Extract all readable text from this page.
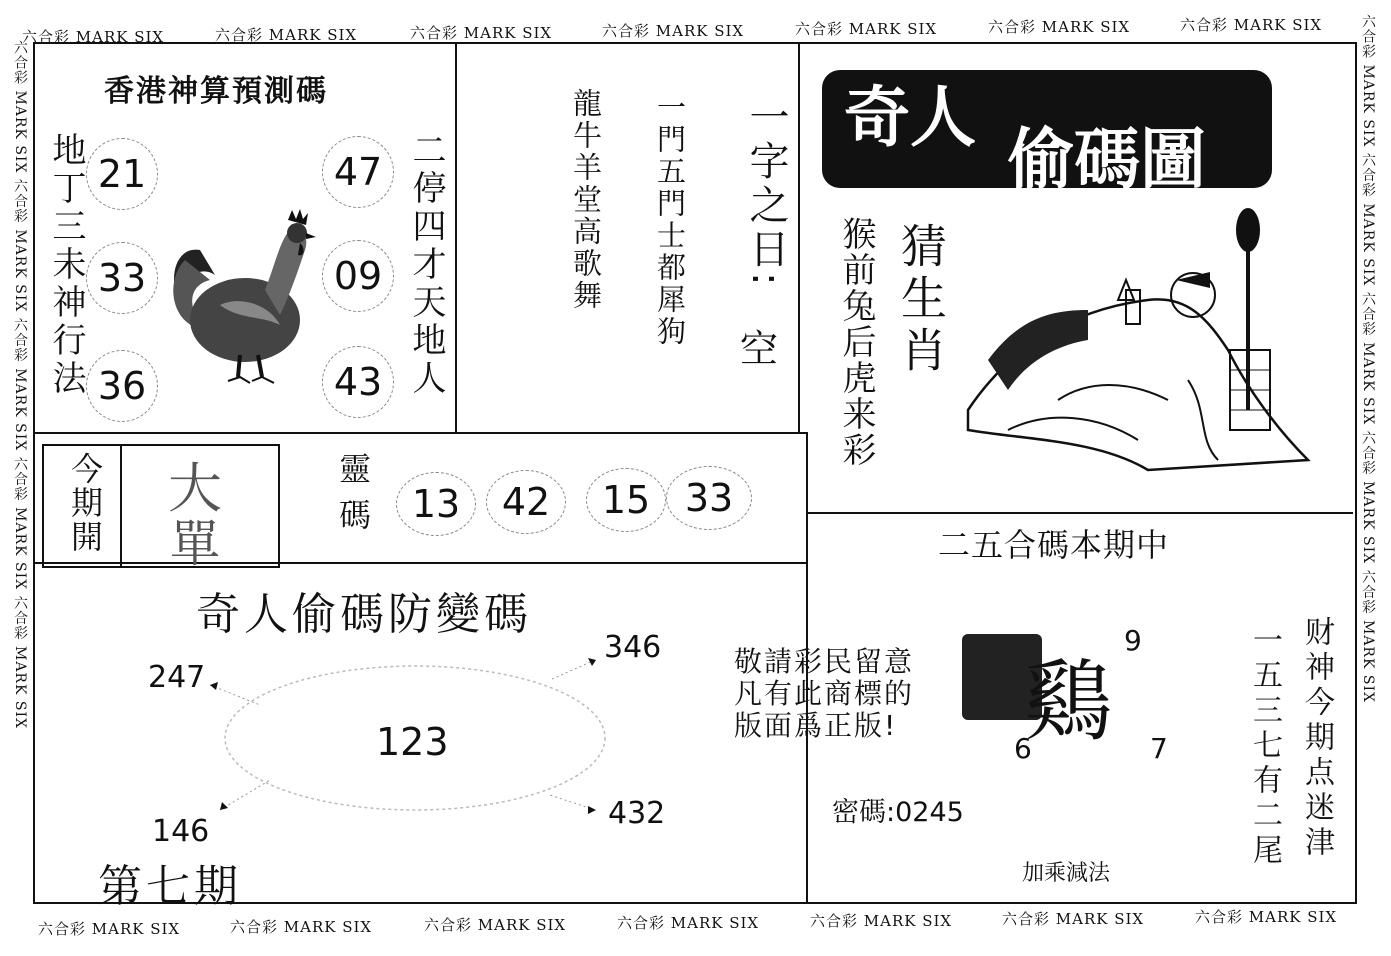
六合彩 MARK SIX	六合彩 MARK SIX	六合彩 MARK SIX	六合彩 MARK SIX	六合彩 MARK SIX	六合彩 MARK SIX	六合彩 MARK SIX
六合彩 MARK SIX	六合彩 MARK SIX	六合彩 MARK SIX	六合彩 MARK SIX	六合彩 MARK SIX	六合彩 MARK SIX	六合彩 MARK SIX
六合彩 MARK SIX 六合彩 MARK SIX 六合彩 MARK SIX 六合彩 MARK SIX 六合彩 MARK SIX	六合彩 MARK SIX 六合彩 MARK SIX 六合彩 MARK SIX 六合彩 MARK SIX 六合彩 MARK SIX
香港神算預測碼
地丁三未神行法	二停四才天地人
21
33
36
47
09
43
龍牛羊堂高歌舞 一門五門士都犀狗 一字之日:
空
今期開 大
單	靈碼	13	42	15 33
奇人偷碼防變碼
123
247
346
146
432
第七期
敬請彩民留意
凡有此商標的
版面爲正版!
奇人
偷碼圖
猜生肖
猴前兔后虎来彩
二五合碼本期中
鷄
9
6	7
密碼:0245
加乘減法
财神今期点迷津
一五三七有二尾
